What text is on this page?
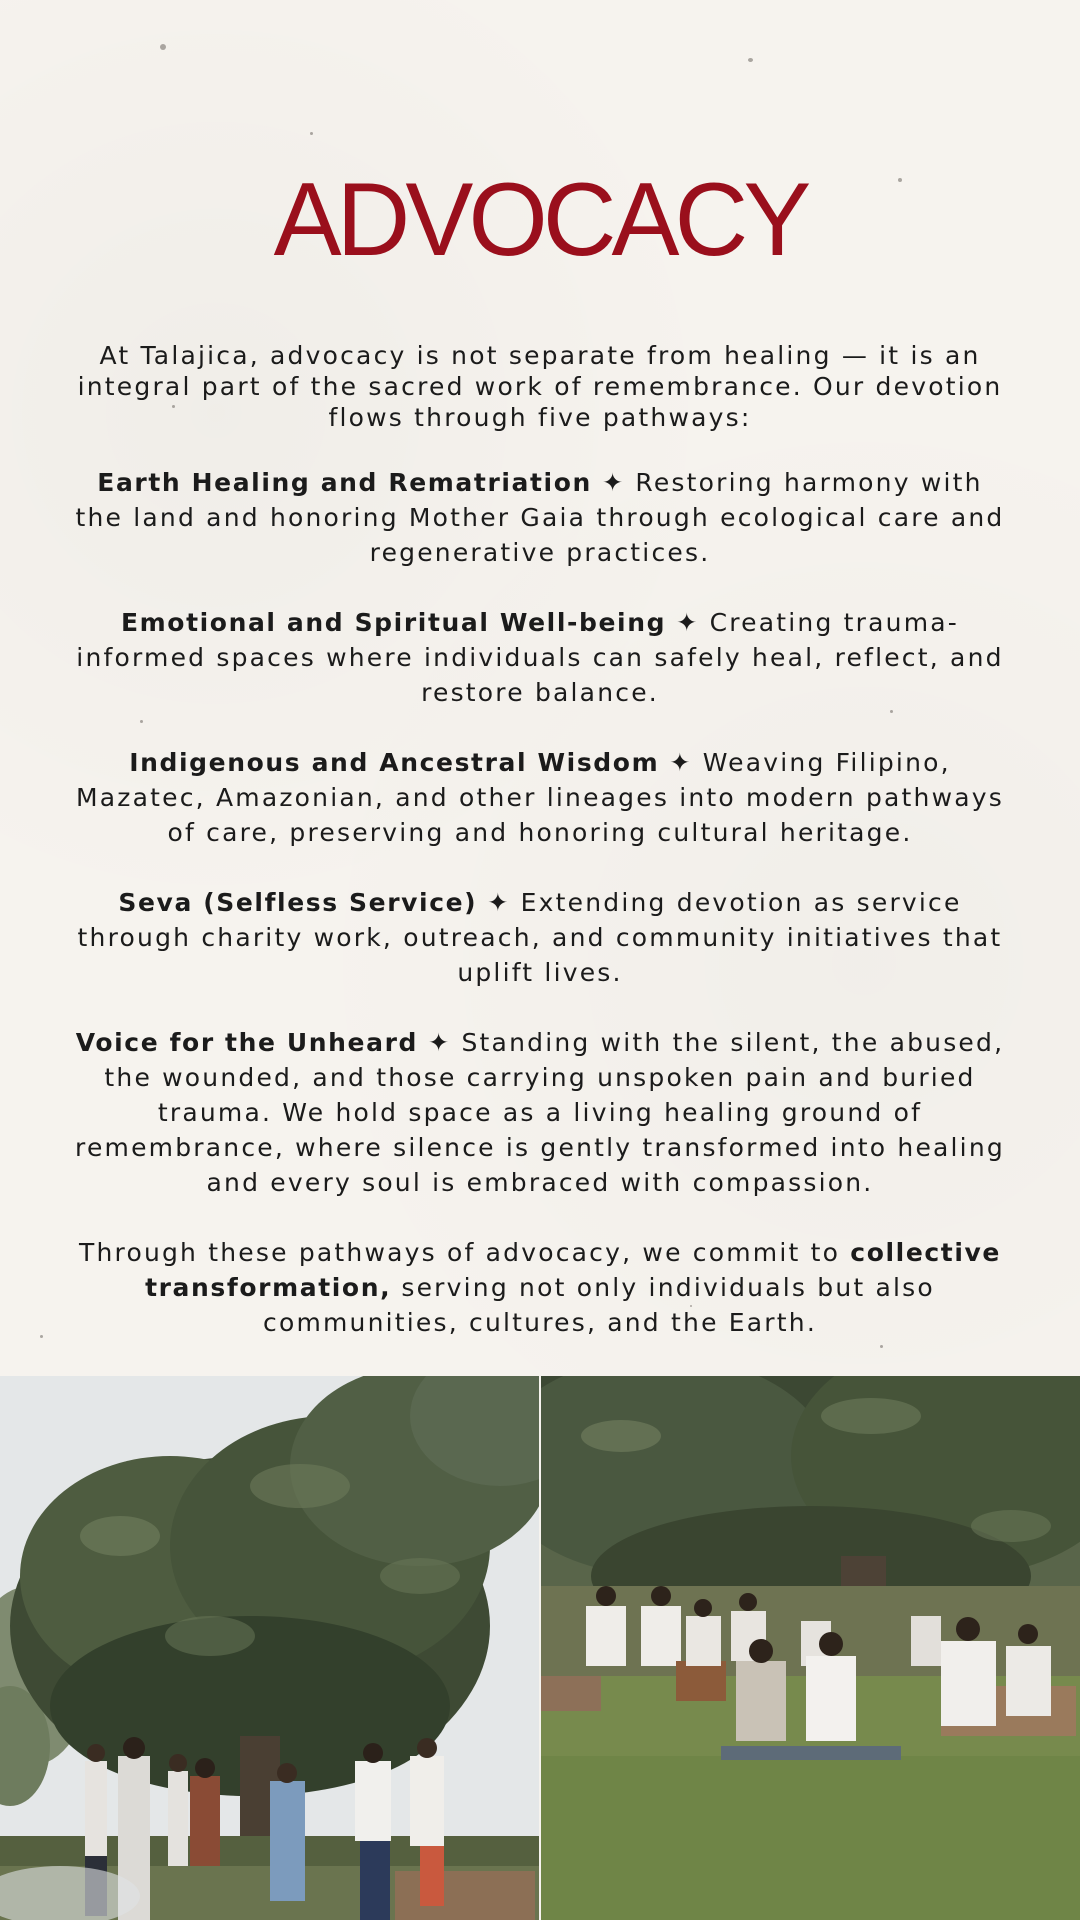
ADVOCACY

At Talajica, advocacy is not separate from healing — it is an integral part of the sacred work of remembrance. Our devotion flows through five pathways:

Earth Healing and Rematriation ✦ Restoring harmony with the land and honoring Mother Gaia through ecological care and regenerative practices.

Emotional and Spiritual Well-being ✦ Creating trauma-informed spaces where individuals can safely heal, reflect, and restore balance.

Indigenous and Ancestral Wisdom ✦ Weaving Filipino, Mazatec, Amazonian, and other lineages into modern pathways of care, preserving and honoring cultural heritage.

Seva (Selfless Service) ✦ Extending devotion as service through charity work, outreach, and community initiatives that uplift lives.

Voice for the Unheard ✦ Standing with the silent, the abused, the wounded, and those carrying unspoken pain and buried trauma. We hold space as a living healing ground of remembrance, where silence is gently transformed into healing and every soul is embraced with compassion.

Through these pathways of advocacy, we commit to collective transformation, serving not only individuals but also communities, cultures, and the Earth.
